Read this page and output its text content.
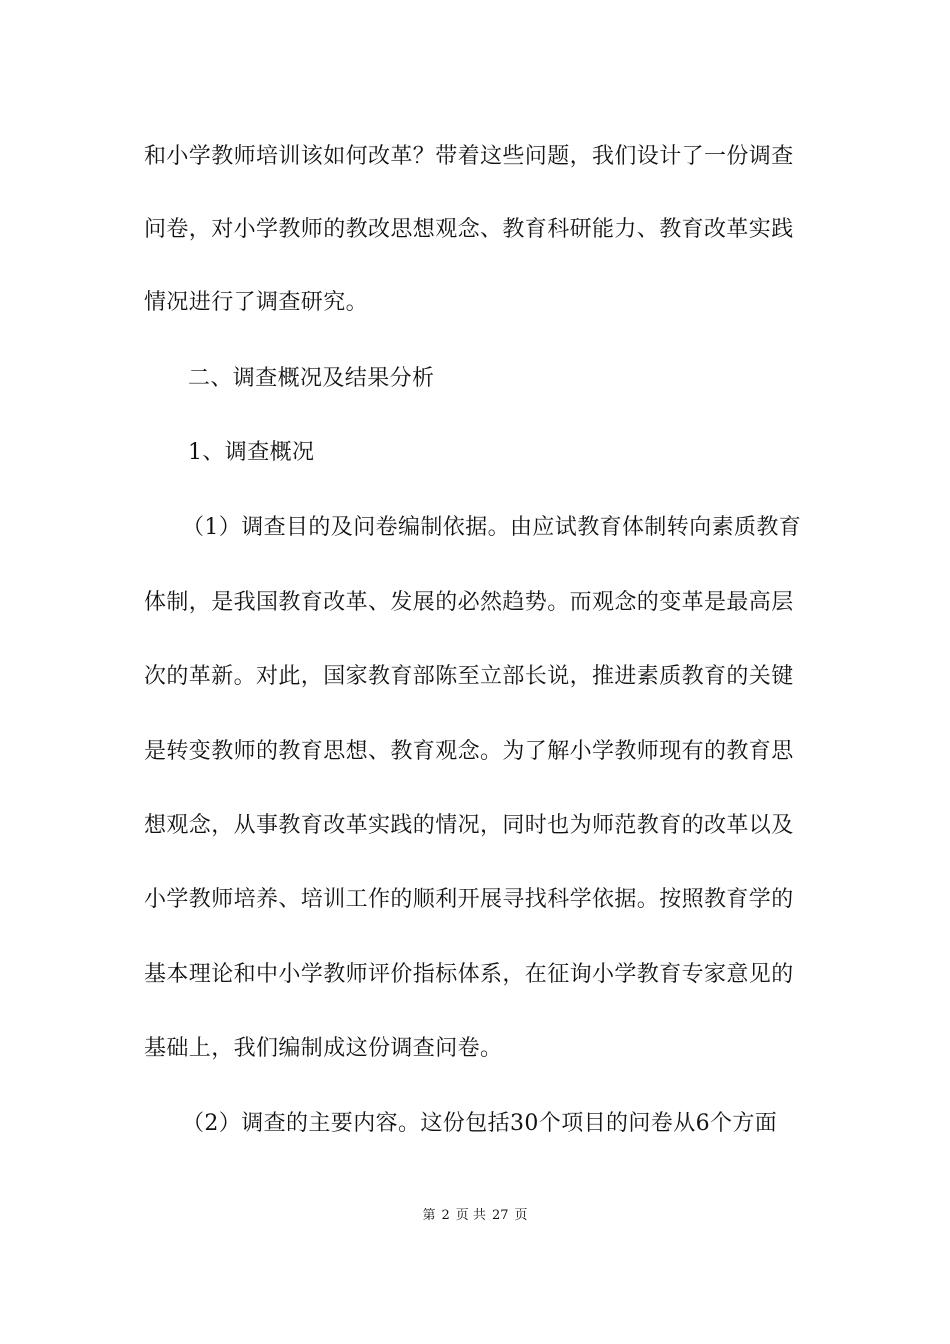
和小学教师培训该如何改革？带着这些问题，我们设计了一份调查
问卷，对小学教师的教改思想观念、教育科研能力、教育改革实践
情况进行了调查研究。
二、调查概况及结果分析
1、调查概况
（1）调查目的及问卷编制依据。由应试教育体制转向素质教育
体制，是我国教育改革、发展的必然趋势。而观念的变革是最高层
次的革新。对此，国家教育部陈至立部长说，推进素质教育的关键
是转变教师的教育思想、教育观念。为了解小学教师现有的教育思
想观念，从事教育改革实践的情况，同时也为师范教育的改革以及
小学教师培养、培训工作的顺利开展寻找科学依据。按照教育学的
基本理论和中小学教师评价指标体系，在征询小学教育专家意见的
基础上，我们编制成这份调查问卷。
（2）调查的主要内容。这份包括30个项目的问卷从6个方面
第 2 页 共 27 页
